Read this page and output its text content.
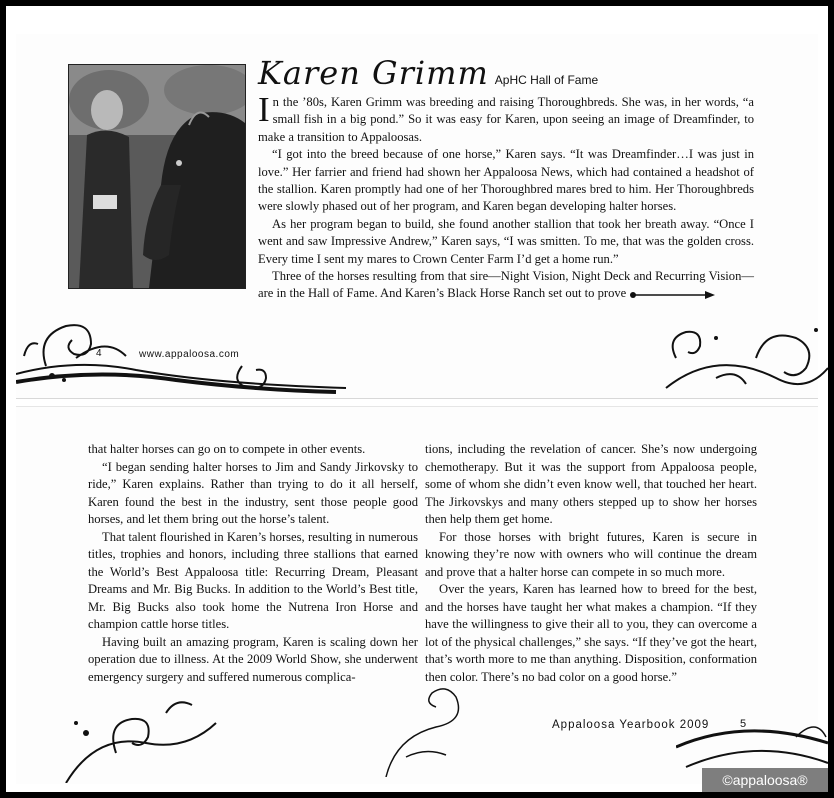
Karen Grimm ApHC Hall of Fame

In the ’80s, Karen Grimm was breeding and raising Thoroughbreds. She was, in her words, “a small fish in a big pond.” So it was easy for Karen, upon seeing an image of Dreamfinder, to make a transition to Appaloosas.

“I got into the breed because of one horse,” Karen says. “It was Dreamfinder…I was just in love.” Her farrier and friend had shown her Appaloosa News, which had contained a headshot of the stallion. Karen promptly had one of her Thoroughbred mares bred to him. Her Thoroughbreds were slowly phased out of her program, and Karen began developing halter horses.

As her program began to build, she found another stallion that took her breath away. “Once I went and saw Impressive Andrew,” Karen says, “I was smitten. To me, that was the golden cross. Every time I sent my mares to Crown Center Farm I’d get a home run.”

Three of the horses resulting from that sire—Night Vision, Night Deck and Recurring Vision—are in the Hall of Fame. And Karen’s Black Horse Ranch set out to prove

4	www.appaloosa.com

that halter horses can go on to compete in other events.

“I began sending halter horses to Jim and Sandy Jirkovsky to ride,” Karen explains. Rather than trying to do it all herself, Karen found the best in the industry, sent those people good horses, and let them bring out the horse’s talent.

That talent flourished in Karen’s horses, resulting in numerous titles, trophies and honors, including three stallions that earned the World’s Best Appaloosa title: Recurring Dream, Pleasant Dreams and Mr. Big Bucks. In addition to the World’s Best title, Mr. Big Bucks also took home the Nutrena Iron Horse and champion cattle horse titles.

Having built an amazing program, Karen is scaling down her operation due to illness. At the 2009 World Show, she underwent emergency surgery and suffered numerous complica-

tions, including the revelation of cancer. She’s now undergoing chemotherapy. But it was the support from Appaloosa people, some of whom she didn’t even know well, that touched her heart. The Jirkovskys and many others stepped up to show her horses then help them get home.

For those horses with bright futures, Karen is secure in knowing they’re now with owners who will continue the dream and prove that a halter horse can compete in so much more.

Over the years, Karen has learned how to breed for the best, and the horses have taught her what makes a champion. “If they have the willingness to give their all to you, they can overcome a lot of the physical challenges,” she says. “If they’ve got the heart, that’s worth more to me than anything. Disposition, conformation then color. There’s no bad color on a good horse.”

Appaloosa Yearbook 2009	5
©appaloosa®
